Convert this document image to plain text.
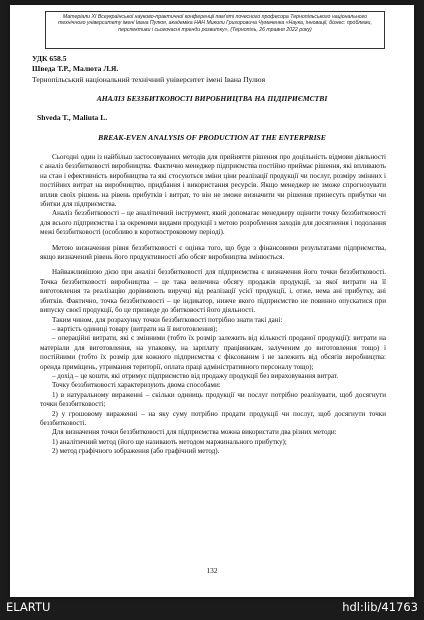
Матеріали ХІ Всеукраїнської науково-практичної конференції пам'яті почесного професора Тернопільського національного технічного університету імені Івана Пулюя, академіка НАН Миколи Григоровича Чумаченка «Наука, інновації, бізнес: проблеми, перспективи і сьогочасні тренди розвитку», (Тернопіль, 26 травня 2022 року)
УДК 658.5
Шведа Т.Р., Малюта Л.Я.
Тернопільський національний технічний університет імені Івана Пулюя
АНАЛІЗ БЕЗЗБИТКОВОСТІ ВИРОБНИЦТВА НА ПІДПРИЄМСТВІ
Shveda T., Maliuta L.
BREAK-EVEN ANALYSIS OF PRODUCTION AT THE ENTERPRISE

Сьогодні один із найбільш застосовуваних методів для прийняття рішення про доцільність відмови діяльності є аналіз беззбитковості виробництва. Фактично менеджер підприємства постійно приймає рішення, які впливають на стан і ефективність виробництва та які стосуються зміни ціни реалізації продукції чи послуг, розміру змінних і постійних витрат на виробництво, придбання і використання ресурсів. Якщо менеджер не зможе спрогнозувати вплив своїх рішень на рівень прибутків і витрат, то він не зможе визначити чи рішення принесуть прибутки чи збитки для підприємства.

Аналіз беззбитковості – це аналітичний інструмент, який допомагає менеджеру оцінити точку беззбитковості для всього підприємства і за окремими видами продукції з метою розроблення заходів для досягнення і подолання межі беззбитковості (особливо в короткостроковому періоді).

Метою визначення рівня беззбитковості є оцінка того, що буде з фінансовими результатами підприємства, якщо визначений рівень його продуктивності або обсяг виробництва змінюється.

Найважливішою дією при аналізі беззбитковості для підприємства є визначення його точки беззбитковості. Точка беззбитковості виробництва – це така величина обсягу продажів продукції, за якої витрати на її виготовлення та реалізацію дорівнюють виручці від реалізації усієї продукції, і, отже, нема ані прибутку, ані збитків. Фактично, точка беззбитковості – це індикатор, нижче якого підприємство не повинно опускатися при випуску своєї продукції, бо це призведе до збитковості його діяльності.

Таким чином, для розрахунку точки беззбитковості потрібно знати такі дані:

– вартість одиниці товару (витрати на її виготовлення);

– операційні витрати, які є змінними (тобто їх розмір залежить від кількості проданої продукції): витрати на матеріали для виготовлення, на упаковку, на зарплату працівникам, залученим до виготовлення тощо) і постійними (тобто їх розмір для кожного підприємства є фіксованим і не залежить від обсягів виробництва: оренда приміщень, утримання території, оплата праці адміністративного персоналу тощо);

– дохід – це кошти, які отримує підприємство від продажу продукції без вираховування витрат.

Точку беззбитковості характеризують двома способами:

1) в натуральному вираженні – скільки одиниць продукції чи послуг потрібно реалізувати, щоб досягнути точки беззбитковості;

2) у грошовому вираженні – на яку суму потрібно продати продукції чи послуг, щоб досягнути точки беззбитковості.

Для визначення точки беззбитковості для підприємства можна використати два різних методи:

1) аналітичний метод (його ще називають методом маржинального прибутку);

2) метод графічного зображення (або графічний метод).

132
ELARTU	hdl:lib/41763
